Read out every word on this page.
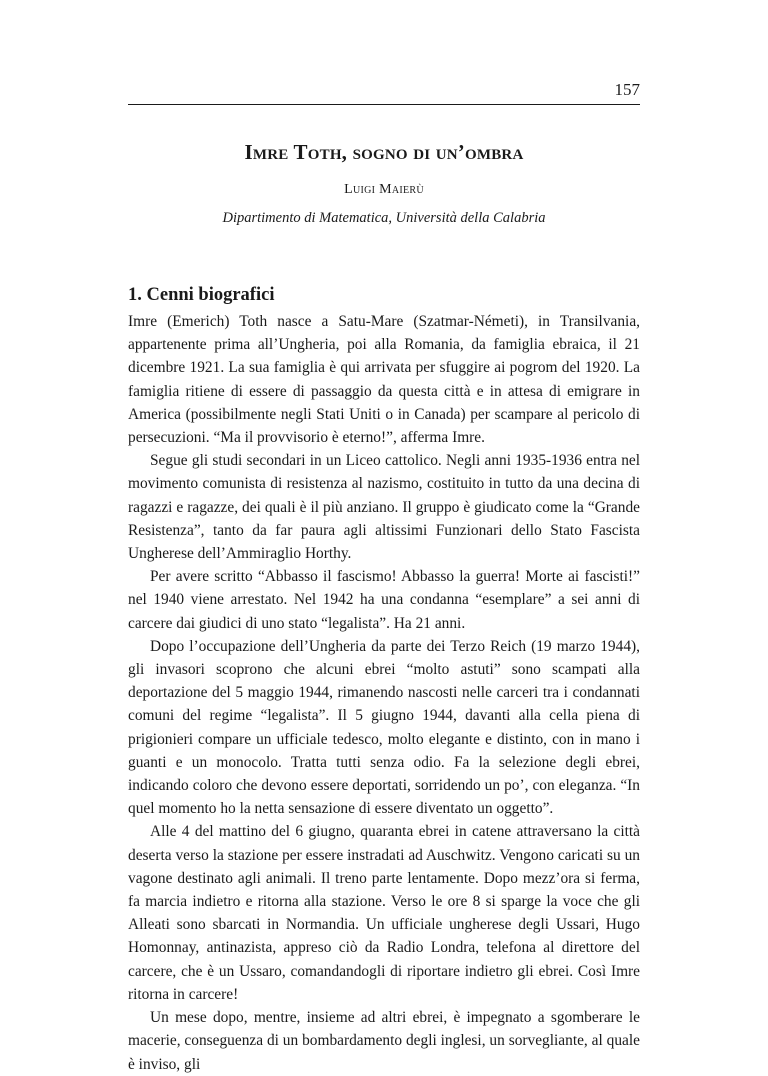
157
Imre Toth, sogno di un’ombra
Luigi Maierù
Dipartimento di Matematica, Università della Calabria
1. Cenni biografici

Imre (Emerich) Toth nasce a Satu-Mare (Szatmar-Németi), in Transilvania, appartenente prima all’Ungheria, poi alla Romania, da famiglia ebraica, il 21 dicembre 1921. La sua famiglia è qui arrivata per sfuggire ai pogrom del 1920. La famiglia ritiene di essere di passaggio da questa città e in attesa di emigrare in America (possibilmente negli Stati Uniti o in Canada) per scampare al pericolo di persecuzioni. “Ma il provvisorio è eterno!”, afferma Imre.

Segue gli studi secondari in un Liceo cattolico. Negli anni 1935-1936 entra nel movimento comunista di resistenza al nazismo, costituito in tutto da una decina di ragazzi e ragazze, dei quali è il più anziano. Il gruppo è giudicato come la “Grande Resistenza”, tanto da far paura agli altissimi Funzionari dello Stato Fascista Ungherese dell’Ammiraglio Horthy.

Per avere scritto “Abbasso il fascismo! Abbasso la guerra! Morte ai fascisti!” nel 1940 viene arrestato. Nel 1942 ha una condanna “esemplare” a sei anni di carcere dai giudici di uno stato “legalista”. Ha 21 anni.

Dopo l’occupazione dell’Ungheria da parte dei Terzo Reich (19 marzo 1944), gli invasori scoprono che alcuni ebrei “molto astuti” sono scampati alla deportazione del 5 maggio 1944, rimanendo nascosti nelle carceri tra i condannati comuni del regime “legalista”. Il 5 giugno 1944, davanti alla cella piena di prigionieri compare un ufficiale tedesco, molto elegante e distinto, con in mano i guanti e un monocolo. Tratta tutti senza odio. Fa la selezione degli ebrei, indicando coloro che devono essere deportati, sorridendo un po’, con eleganza. “In quel momento ho la netta sensazione di essere diventato un oggetto”.

Alle 4 del mattino del 6 giugno, quaranta ebrei in catene attraversano la città deserta verso la stazione per essere instradati ad Auschwitz. Vengono caricati su un vagone destinato agli animali. Il treno parte lentamente. Dopo mezz’ora si ferma, fa marcia indietro e ritorna alla stazione. Verso le ore 8 si sparge la voce che gli Alleati sono sbarcati in Normandia. Un ufficiale ungherese degli Ussari, Hugo Homonnay, antinazista, appreso ciò da Radio Londra, telefona al direttore del carcere, che è un Ussaro, comandandogli di riportare indietro gli ebrei. Così Imre ritorna in carcere!

Un mese dopo, mentre, insieme ad altri ebrei, è impegnato a sgomberare le macerie, conseguenza di un bombardamento degli inglesi, un sorvegliante, al quale è inviso, gli
